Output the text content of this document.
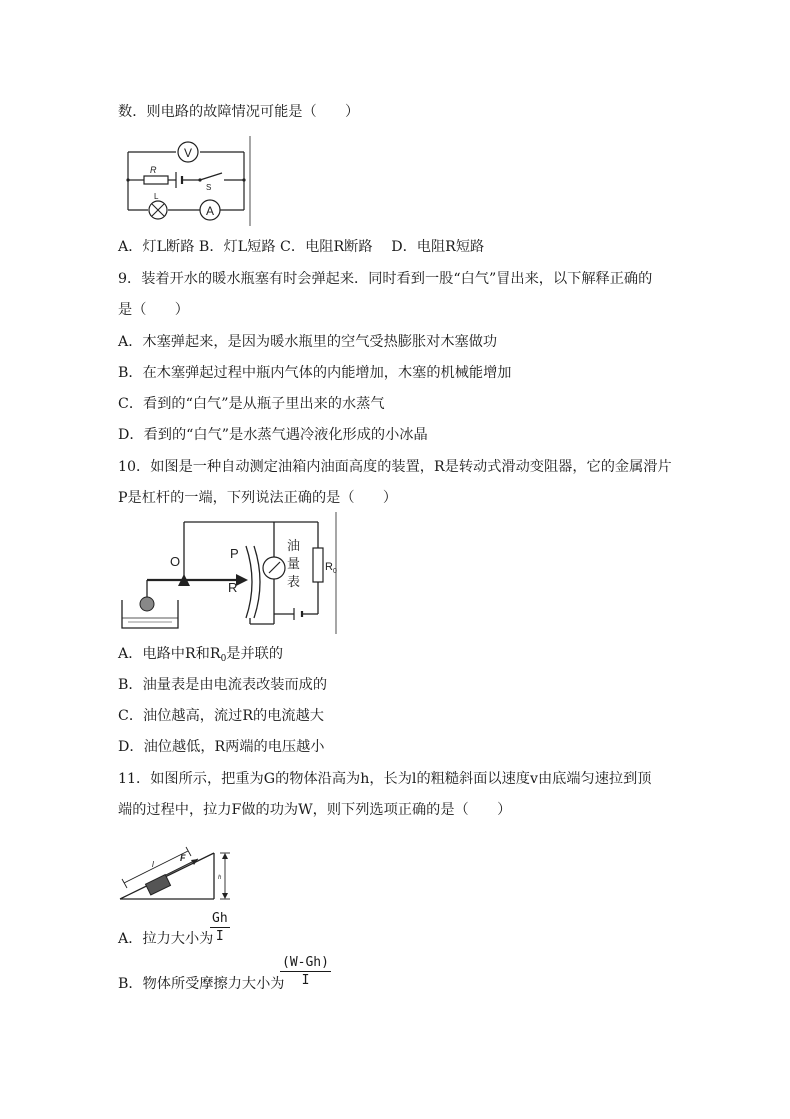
数．则电路的故障情况可能是（　　）
V
R
S
L
A
A．灯L断路 B．灯L短路 C．电阻R断路　 D．电阻R短路
9．装着开水的暖水瓶塞有时会弹起来．同时看到一股“白气”冒出来，以下解释正确的
是（　　）
A．木塞弹起来，是因为暖水瓶里的空气受热膨胀对木塞做功
B．在木塞弹起过程中瓶内气体的内能增加，木塞的机械能增加
C．看到的“白气”是从瓶子里出来的水蒸气
D．看到的“白气”是水蒸气遇冷液化形成的小冰晶
10．如图是一种自动测定油箱内油面高度的装置，R是转动式滑动变阻器，它的金属滑片
P是杠杆的一端，下列说法正确的是（　　）
O
P
R
油
量
表
$R_0$
A．电路中R和$R_0$是并联的
B．油量表是由电流表改装而成的
C．油位越高，流过R的电流越大
D．油位越低，R两端的电压越小
11．如图所示，把重为G的物体沿高为h，长为l的粗糙斜面以速度v由底端匀速拉到顶
端的过程中，拉力F做的功为W，则下列选项正确的是（　　）
l
F
h
A．拉力大小为
$\frac{Gh}{I}$
B．物体所受摩擦力大小为
$\frac{(W-Gh)}{I}$
